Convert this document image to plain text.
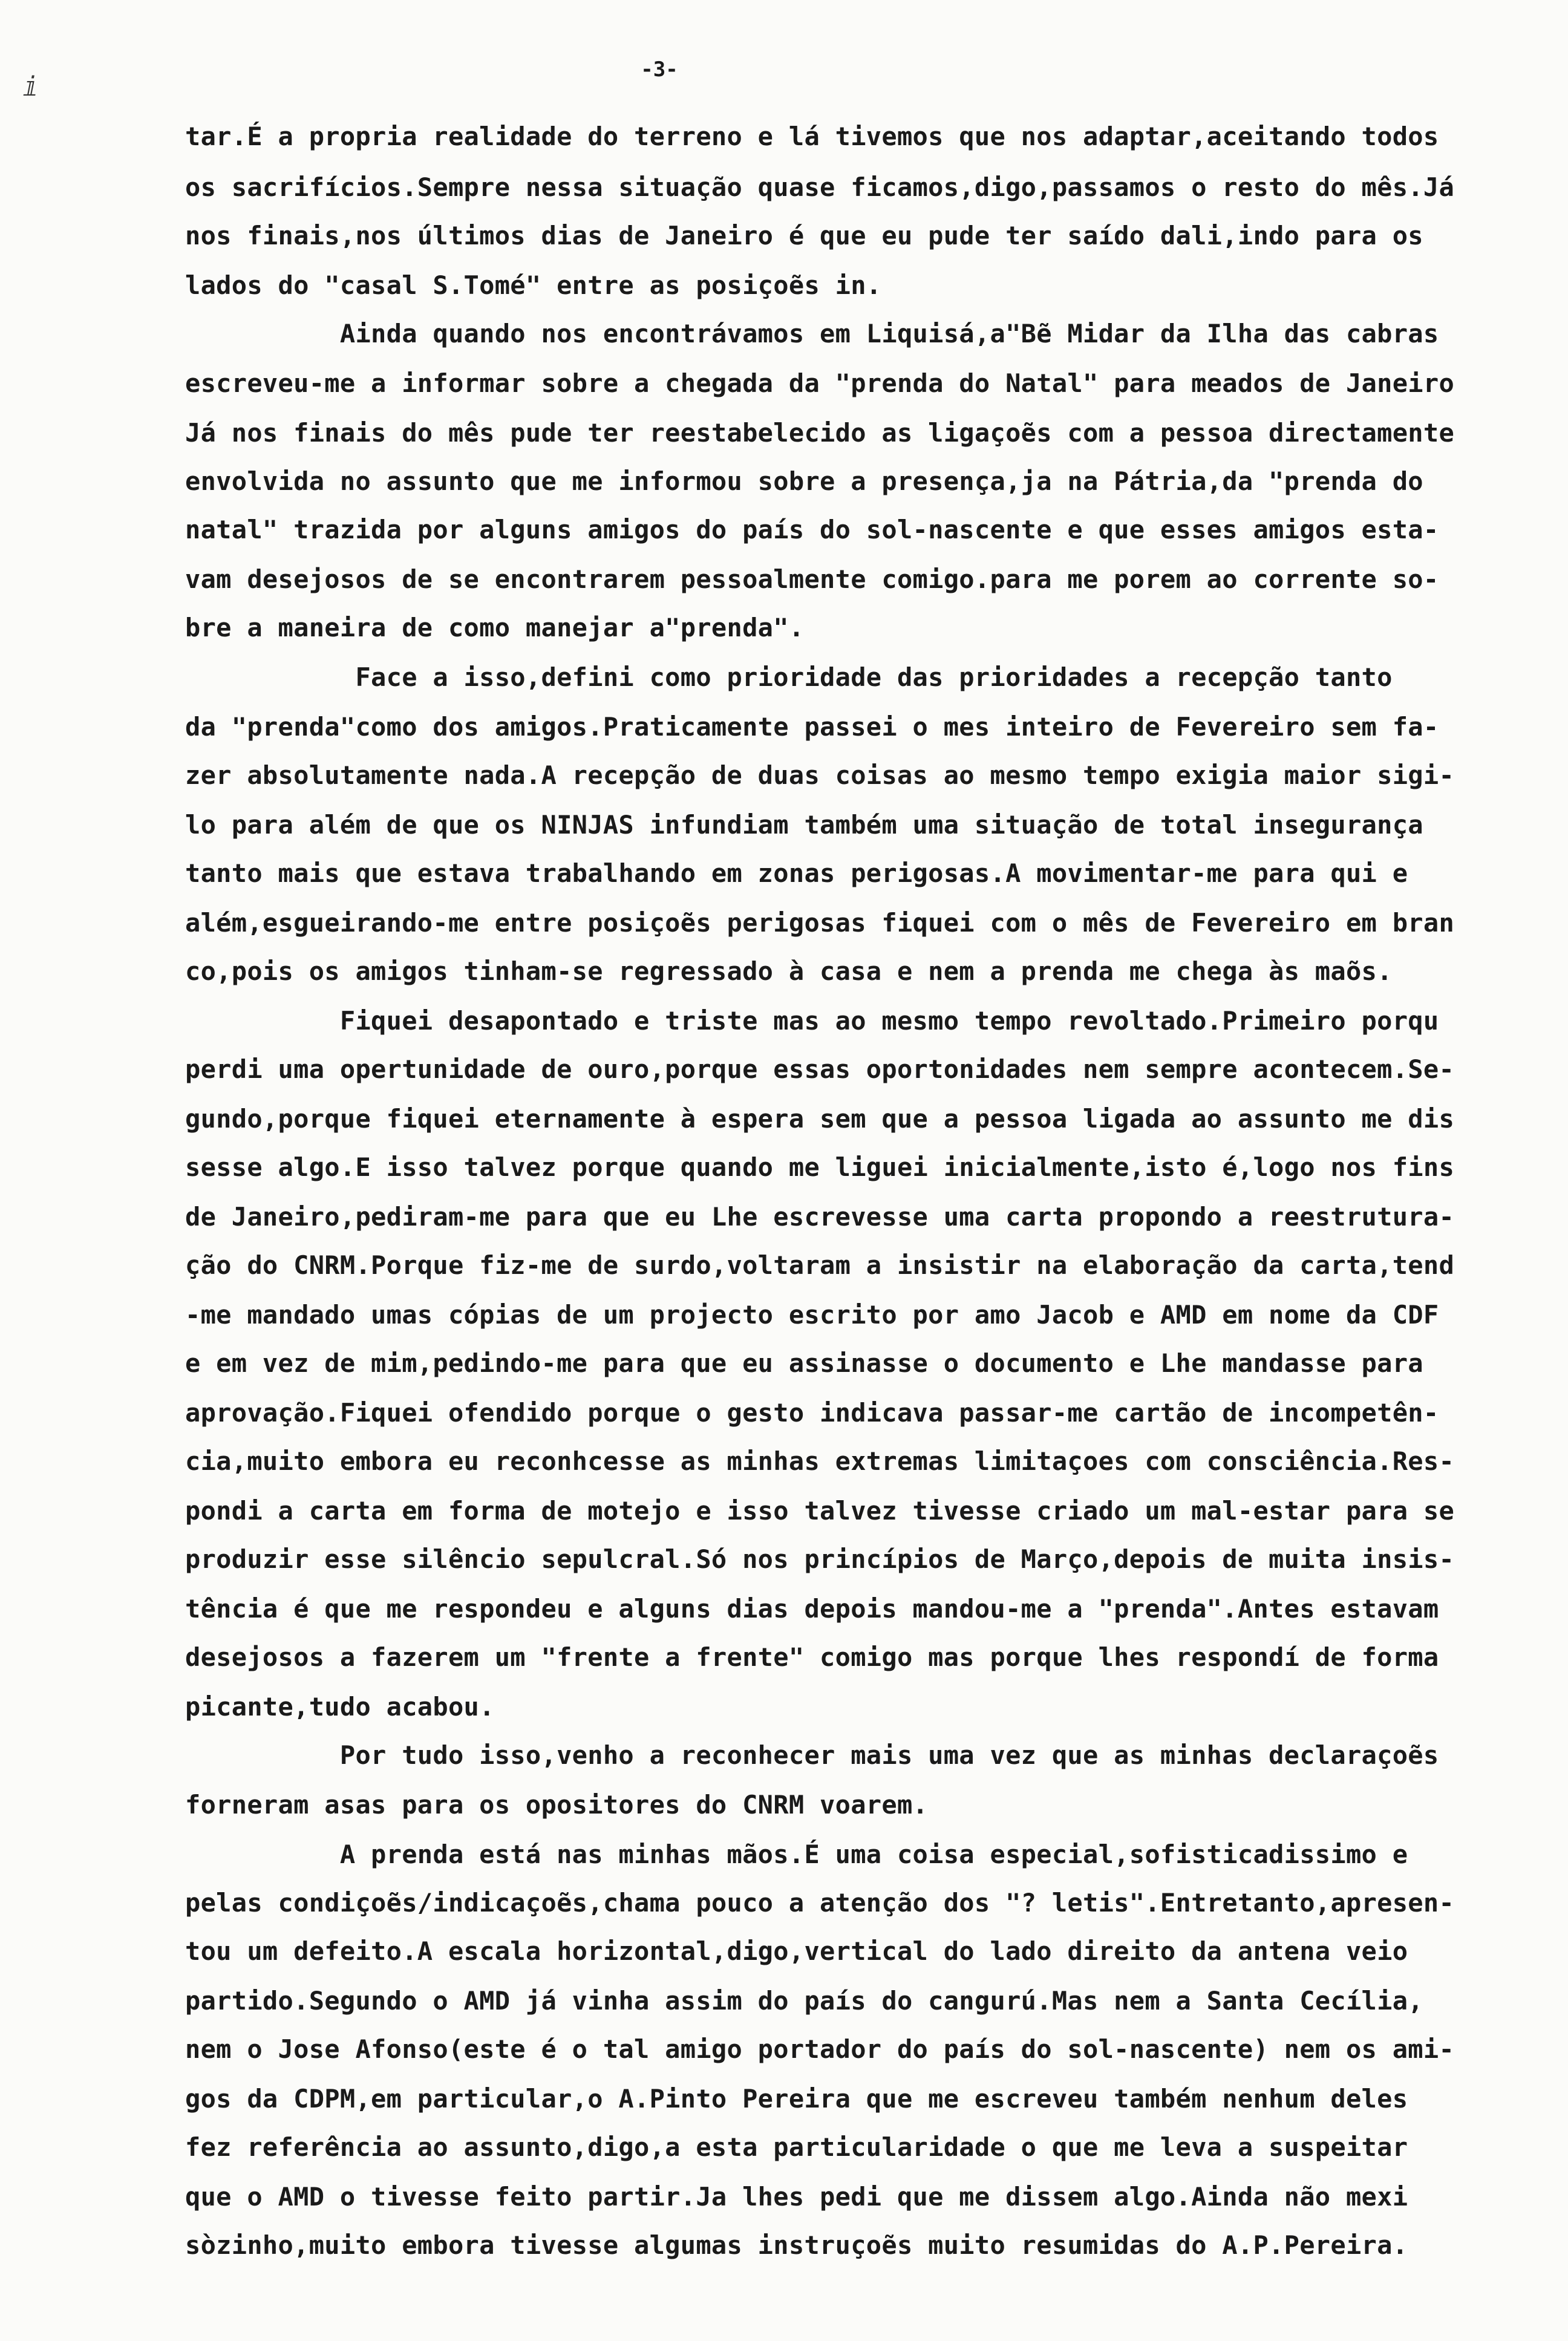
ⅈ
-3-
tar.É a propria realidade do terreno e lá tivemos que nos adaptar,aceitando todos
os sacrifícios.Sempre nessa situação quase ficamos,digo,passamos o resto do mês.Já
nos finais,nos últimos dias de Janeiro é que eu pude ter saído dali,indo para os
lados do "casal S.Tomé" entre as posiçoẽs in.
Ainda quando nos encontrávamos em Liquisá,a"Bẽ Midar da Ilha das cabras
escreveu-me a informar sobre a chegada da "prenda do Natal" para meados de Janeiro
Já nos finais do mês pude ter reestabelecido as ligaçoẽs com a pessoa directamente
envolvida no assunto que me informou sobre a presença,ja na Pátria,da "prenda do
natal" trazida por alguns amigos do país do sol-nascente e que esses amigos esta-
vam desejosos de se encontrarem pessoalmente comigo.para me porem ao corrente so-
bre a maneira de como manejar a"prenda".
Face a isso,defini como prioridade das prioridades a recepção tanto
da "prenda"como dos amigos.Praticamente passei o mes inteiro de Fevereiro sem fa-
zer absolutamente nada.A recepção de duas coisas ao mesmo tempo exigia maior sigi-
lo para além de que os NINJAS infundiam também uma situação de total insegurança
tanto mais que estava trabalhando em zonas perigosas.A movimentar-me para qui e
além,esgueirando-me entre posiçoẽs perigosas fiquei com o mês de Fevereiro em bran
co,pois os amigos tinham-se regressado à casa e nem a prenda me chega às maõs.
Fiquei desapontado e triste mas ao mesmo tempo revoltado.Primeiro porqu
perdi uma opertunidade de ouro,porque essas oportonidades nem sempre acontecem.Se-
gundo,porque fiquei eternamente à espera sem que a pessoa ligada ao assunto me dis
sesse algo.E isso talvez porque quando me liguei inicialmente,isto é,logo nos fins
de Janeiro,pediram-me para que eu Lhe escrevesse uma carta propondo a reestrutura-
ção do CNRM.Porque fiz-me de surdo,voltaram a insistir na elaboração da carta,tend
-me mandado umas cópias de um projecto escrito por amo Jacob e AMD em nome da CDF
e em vez de mim,pedindo-me para que eu assinasse o documento e Lhe mandasse para
aprovação.Fiquei ofendido porque o gesto indicava passar-me cartão de incompetên-
cia,muito embora eu reconhcesse as minhas extremas limitaçoes com consciência.Res-
pondi a carta em forma de motejo e isso talvez tivesse criado um mal-estar para se
produzir esse silêncio sepulcral.Só nos princípios de Março,depois de muita insis-
tência é que me respondeu e alguns dias depois mandou-me a "prenda".Antes estavam
desejosos a fazerem um "frente a frente" comigo mas porque lhes respondí de forma
picante,tudo acabou.
Por tudo isso,venho a reconhecer mais uma vez que as minhas declaraçoẽs
forneram asas para os opositores do CNRM voarem.
A prenda está nas minhas mãos.É uma coisa especial,sofisticadissimo e
pelas condiçoẽs/indicaçoẽs,chama pouco a atenção dos "? letis".Entretanto,apresen-
tou um defeito.A escala horizontal,digo,vertical do lado direito da antena veio
partido.Segundo o AMD já vinha assim do país do cangurú.Mas nem a Santa Cecília,
nem o Jose Afonso(este é o tal amigo portador do país do sol-nascente) nem os ami-
gos da CDPM,em particular,o A.Pinto Pereira que me escreveu também nenhum deles
fez referência ao assunto,digo,a esta particularidade o que me leva a suspeitar
que o AMD o tivesse feito partir.Ja lhes pedi que me dissem algo.Ainda não mexi
sòzinho,muito embora tivesse algumas instruçoẽs muito resumidas do A.P.Pereira.
